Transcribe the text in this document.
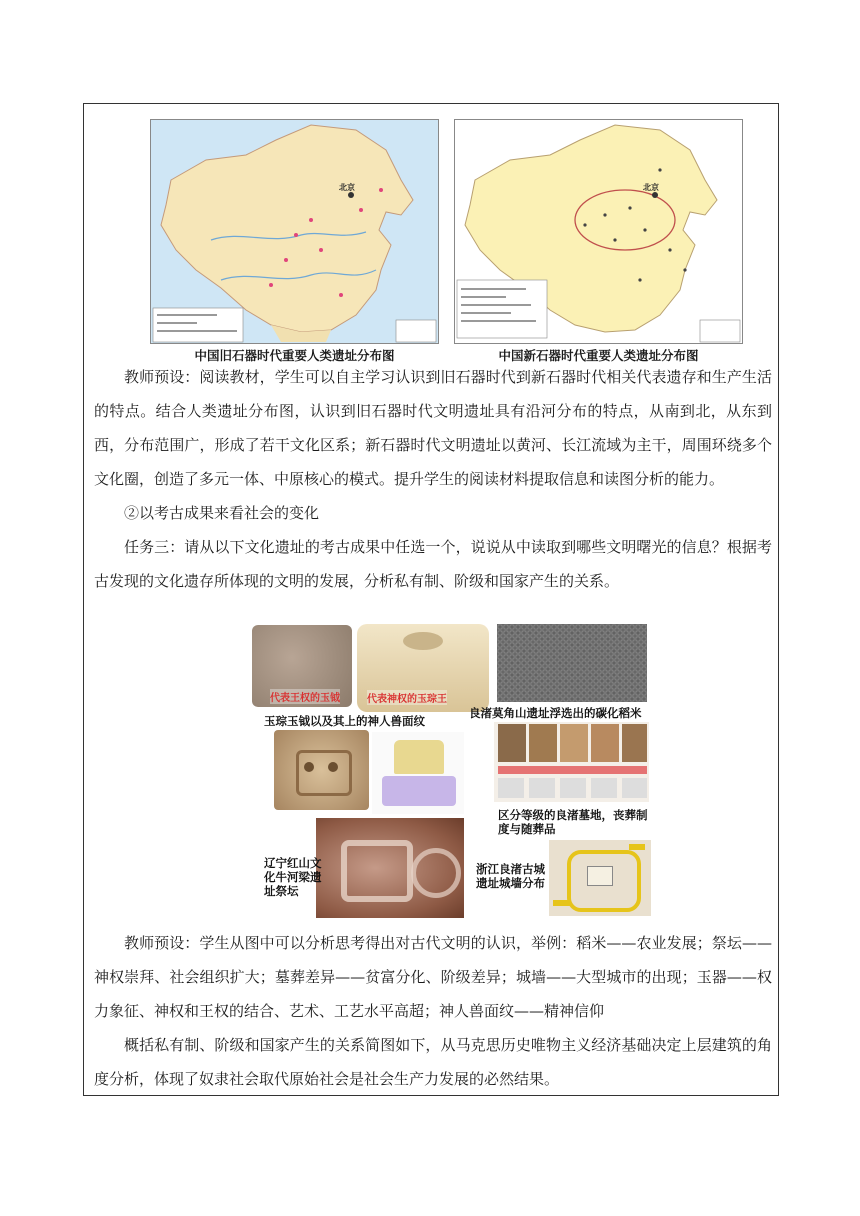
北京
中国旧石器时代重要人类遗址分布图
北京
中国新石器时代重要人类遗址分布图

教师预设：阅读教材，学生可以自主学习认识到旧石器时代到新石器时代相关代表遗存和生产生活的特点。结合人类遗址分布图，认识到旧石器时代文明遗址具有沿河分布的特点，从南到北，从东到西，分布范围广，形成了若干文化区系；新石器时代文明遗址以黄河、长江流域为主干，周围环绕多个文化圈，创造了多元一体、中原核心的模式。提升学生的阅读材料提取信息和读图分析的能力。

②以考古成果来看社会的变化

任务三：请从以下文化遗址的考古成果中任选一个，说说从中读取到哪些文明曙光的信息？根据考古发现的文化遗存所体现的文明的发展，分析私有制、阶级和国家产生的关系。

代表王权的玉钺	代表神权的玉琮王
玉琮玉钺以及其上的神人兽面纹
良渚莫角山遗址浮选出的碳化稻米
区分等级的良渚墓地，丧葬制
度与随葬品
辽宁红山文
化牛河梁遗
址祭坛
浙江良渚古城
遗址城墙分布

教师预设：学生从图中可以分析思考得出对古代文明的认识，举例：稻米——农业发展；祭坛——神权崇拜、社会组织扩大；墓葬差异——贫富分化、阶级差异；城墙——大型城市的出现；玉器——权力象征、神权和王权的结合、艺术、工艺水平高超；神人兽面纹——精神信仰

概括私有制、阶级和国家产生的关系简图如下，从马克思历史唯物主义经济基础决定上层建筑的角度分析，体现了奴隶社会取代原始社会是社会生产力发展的必然结果。
